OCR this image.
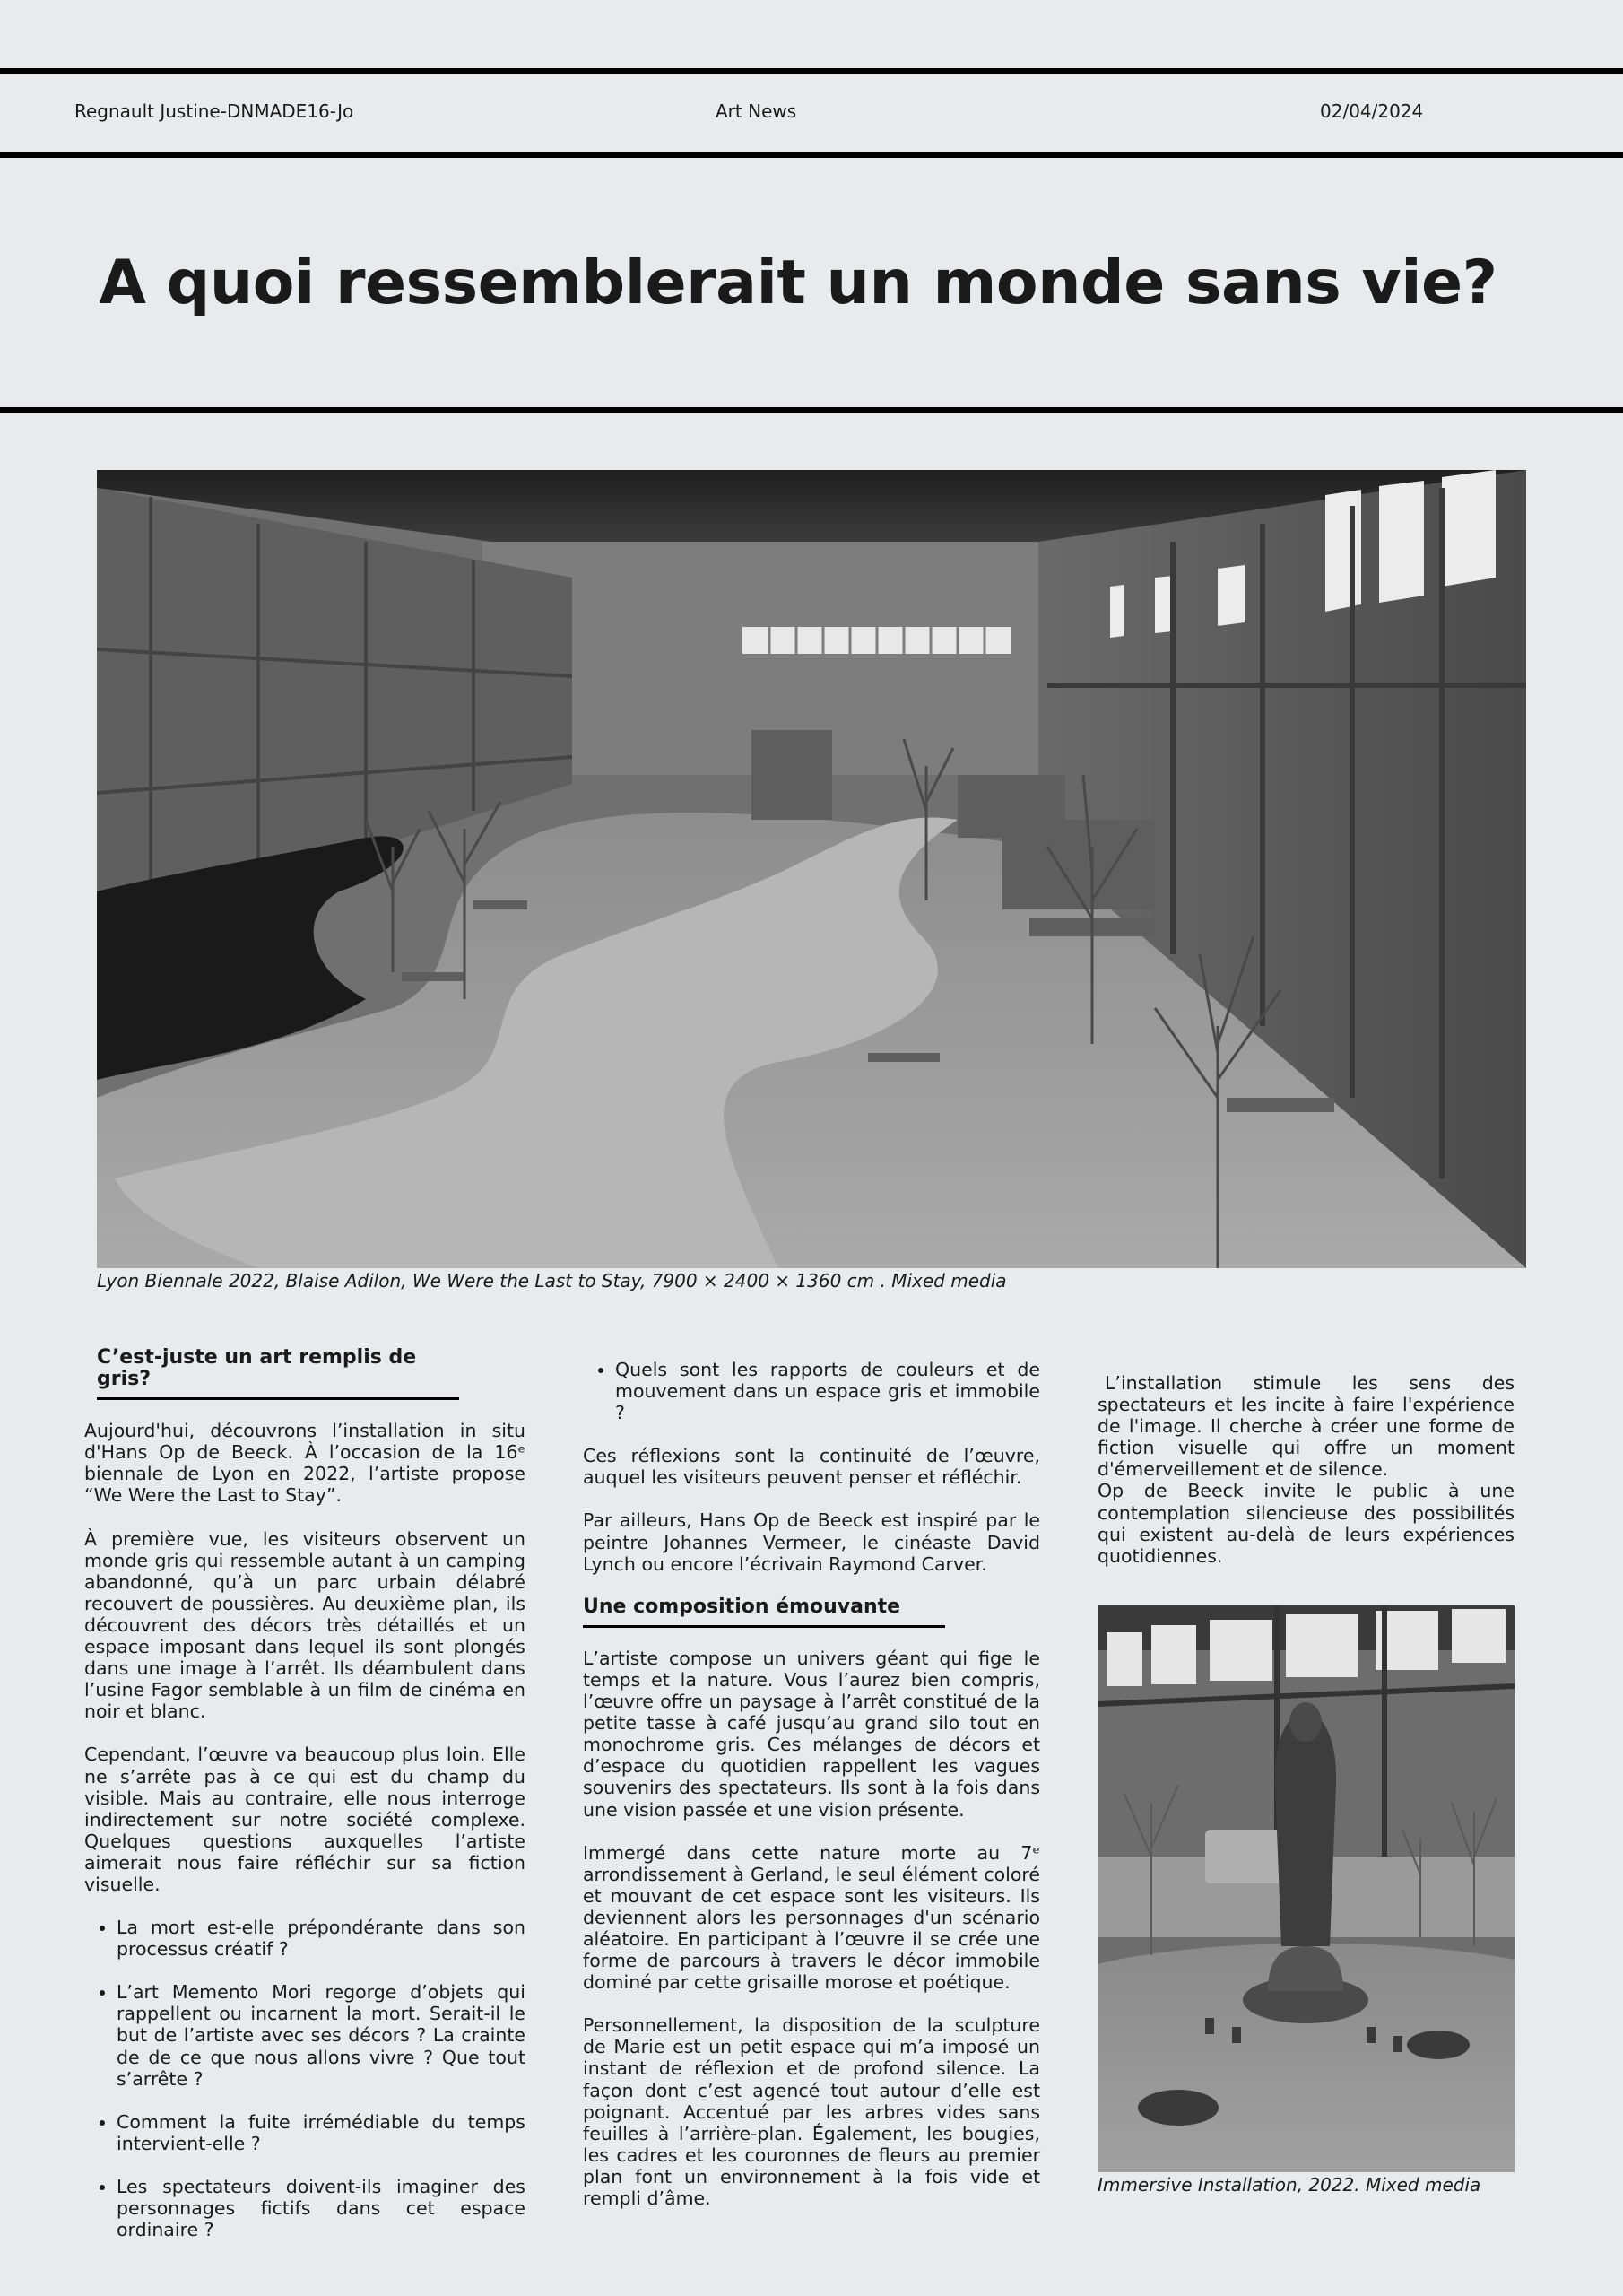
Regnault Justine-DNMADE16-Jo	Art News	02/04/2024
A quoi ressemblerait un monde sans vie?
Lyon Biennale 2022, Blaise Adilon, We Were the Last to Stay, 7900 × 2400 × 1360 cm . Mixed media
C’est-juste un art remplis de gris?

Aujourd'hui, découvrons l’installation in situ d'Hans Op de Beeck. À l’occasion de la 16ᵉ biennale de Lyon en 2022, l’artiste propose “We Were the Last to Stay”.

À première vue, les visiteurs observent un monde gris qui ressemble autant à un camping abandonné, qu’à un parc urbain délabré recouvert de poussières. Au deuxième plan, ils découvrent des décors très détaillés et un espace imposant dans lequel ils sont plongés dans une image à l’arrêt. Ils déambulent dans l’usine Fagor semblable à un film de cinéma en noir et blanc.

Cependant, l’œuvre va beaucoup plus loin. Elle ne s’arrête pas à ce qui est du champ du visible. Mais au contraire, elle nous interroge indirectement sur notre société complexe. Quelques questions auxquelles l’artiste aimerait nous faire réfléchir sur sa fiction visuelle.

• La mort est-elle prépondérante dans son processus créatif ?
• L’art Memento Mori regorge d’objets qui rappellent ou incarnent la mort. Serait-il le but de l’artiste avec ses décors ? La crainte de de ce que nous allons vivre ? Que tout s’arrête ?
• Comment la fuite irrémédiable du temps intervient-elle ?
• Les spectateurs doivent-ils imaginer des personnages fictifs dans cet espace ordinaire ?
• Quels sont les rapports de couleurs et de mouvement dans un espace gris et immobile ?

Ces réflexions sont la continuité de l’œuvre, auquel les visiteurs peuvent penser et réfléchir.

Par ailleurs, Hans Op de Beeck est inspiré par le peintre Johannes Vermeer, le cinéaste David Lynch ou encore l’écrivain Raymond Carver.

Une composition émouvante

L’artiste compose un univers géant qui fige le temps et la nature. Vous l’aurez bien compris, l’œuvre offre un paysage à l’arrêt constitué de la petite tasse à café jusqu’au grand silo tout en monochrome gris. Ces mélanges de décors et d’espace du quotidien rappellent les vagues souvenirs des spectateurs. Ils sont à la fois dans une vision passée et une vision présente.

Immergé dans cette nature morte au 7ᵉ arrondissement à Gerland, le seul élément coloré et mouvant de cet espace sont les visiteurs. Ils deviennent alors les personnages d'un scénario aléatoire. En participant à l’œuvre il se crée une forme de parcours à travers le décor immobile dominé par cette grisaille morose et poétique.

Personnellement, la disposition de la sculpture de Marie est un petit espace qui m’a imposé un instant de réflexion et de profond silence. La façon dont c’est agencé tout autour d’elle est poignant. Accentué par les arbres vides sans feuilles à l’arrière-plan. Également, les bougies, les cadres et les couronnes de fleurs au premier plan font un environnement à la fois vide et rempli d’âme.

L’installation stimule les sens des spectateurs et les incite à faire l'expérience de l'image. Il cherche à créer une forme de fiction visuelle qui offre un moment d'émerveillement et de silence.

Op de Beeck invite le public à une contemplation silencieuse des possibilités qui existent au-delà de leurs expériences quotidiennes.

Immersive Installation, 2022. Mixed media
